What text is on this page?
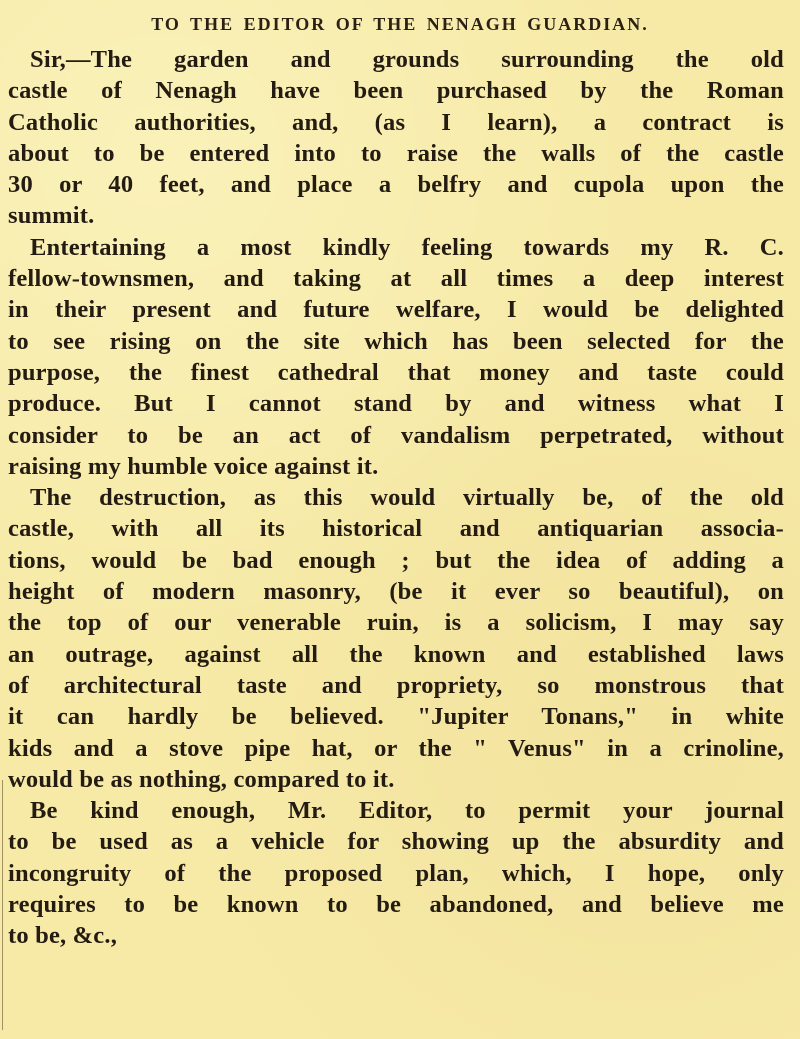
TO THE EDITOR OF THE NENAGH GUARDIAN.
Sir,—The garden and grounds surrounding the old
castle of Nenagh have been purchased by the Roman
Catholic authorities, and, (as I learn), a contract is
about to be entered into to raise the walls of the castle
30 or 40 feet, and place a belfry and cupola upon the
summit.
Entertaining a most kindly feeling towards my R. C.
fellow-townsmen, and taking at all times a deep interest
in their present and future welfare, I would be delighted
to see rising on the site which has been selected for the
purpose, the finest cathedral that money and taste could
produce. But I cannot stand by and witness what I
consider to be an act of vandalism perpetrated, without
raising my humble voice against it.
The destruction, as this would virtually be, of the old
castle, with all its historical and antiquarian associa-
tions, would be bad enough ; but the idea of adding a
height of modern masonry, (be it ever so beautiful), on
the top of our venerable ruin, is a solicism, I may say
an outrage, against all the known and established laws
of architectural taste and propriety, so monstrous that
it can hardly be believed. "Jupiter Tonans," in white
kids and a stove pipe hat, or the " Venus" in a crinoline,
would be as nothing, compared to it.
Be kind enough, Mr. Editor, to permit your journal
to be used as a vehicle for showing up the absurdity and
incongruity of the proposed plan, which, I hope, only
requires to be known to be abandoned, and believe me
to be, &c.,
